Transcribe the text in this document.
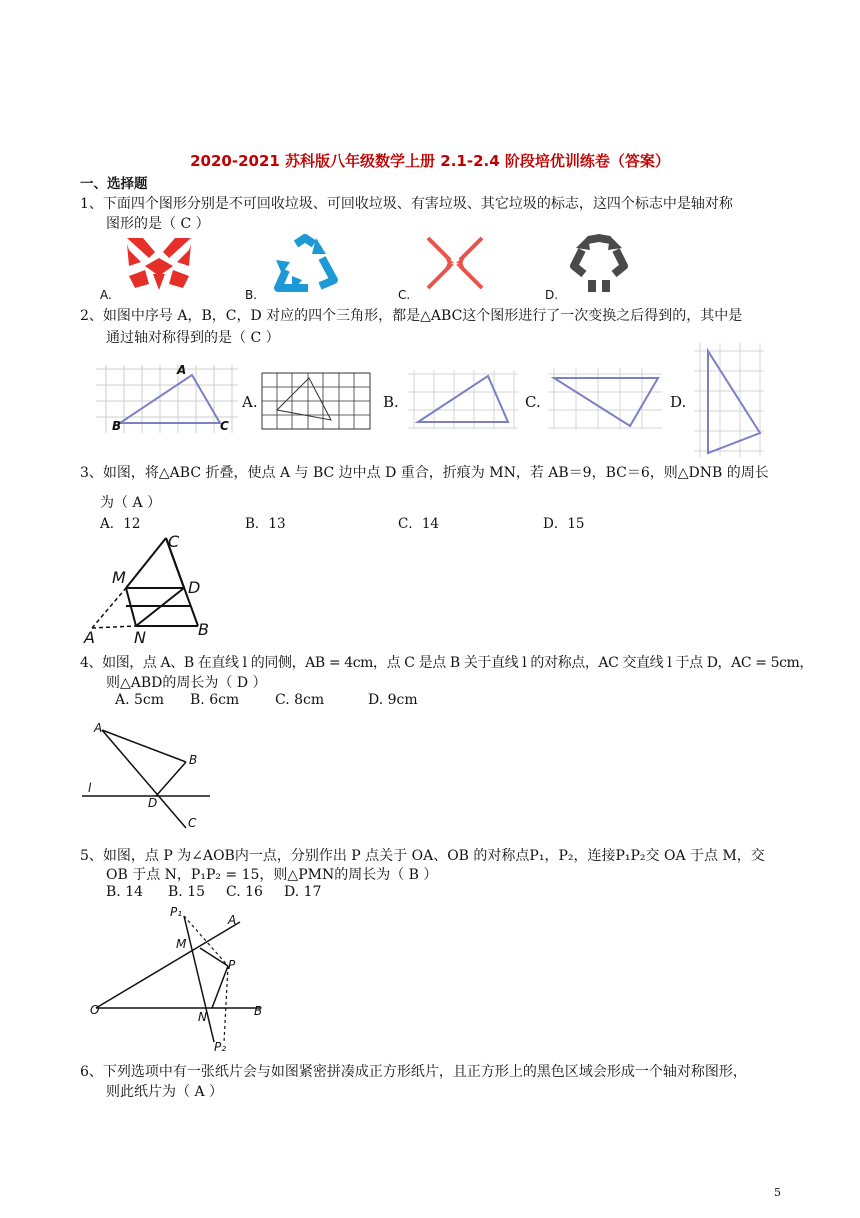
2020-2021 苏科版八年级数学上册 2.1-2.4 阶段培优训练卷（答案）
一、选择题
1、下面四个图形分别是不可回收垃圾、可回收垃圾、有害垃圾、其它垃圾的标志，这四个标志中是轴对称
图形的是（ C ）
A.	B.	C.	D.
2、如图中序号 A，B，C，D 对应的四个三角形，都是△ABC这个图形进行了一次变换之后得到的，其中是
通过轴对称得到的是（ C ）
A
B	C
A.	B.	C.	D.
3、如图，将△ABC 折叠，使点 A 与 BC 边中点 D 重合，折痕为 MN，若 AB＝9，BC＝6，则△DNB 的周长
为（ A ）
A．12	B．13	C．14	D．15
C
M
D
A N	B
4、如图，点 A、B 在直线 l 的同侧，AB = 4cm，点 C 是点 B 关于直线 l 的对称点，AC 交直线 l 于点 D，AC = 5cm，
则△ABD的周长为（ D ）
A. 5cm B. 6cm	C. 8cm	D. 9cm
A
B
l
D
C
5、如图，点 P 为∠AOB内一点，分别作出 P 点关于 OA、OB 的对称点P₁，P₂，连接P₁P₂交 OA 于点 M，交
OB 于点 N，P₁P₂ = 15，则△PMN的周长为（ B ）
B. 14 B. 15 C. 16 D. 17
P₁
A
M
P
O	N	B
P₂
6、下列选项中有一张纸片会与如图紧密拼凑成正方形纸片，且正方形上的黑色区域会形成一个轴对称图形，
则此纸片为（ A ）
5
